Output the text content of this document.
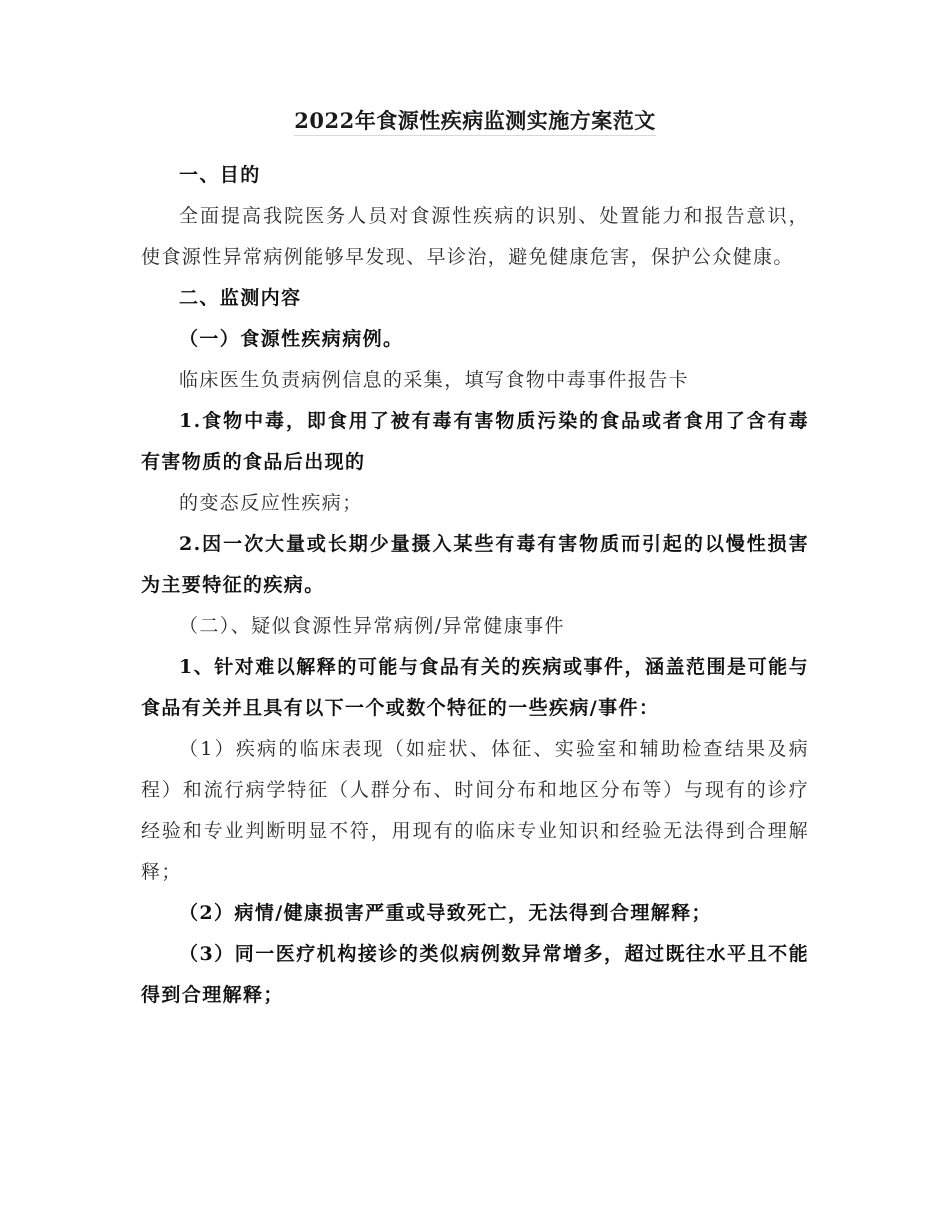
2022年食源性疾病监测实施方案范文

一、目的

全面提高我院医务人员对食源性疾病的识别、处置能力和报告意识，使食源性异常病例能够早发现、早诊治，避免健康危害，保护公众健康。

二、监测内容

（一）食源性疾病病例。

临床医生负责病例信息的采集，填写食物中毒事件报告卡

1.食物中毒，即食用了被有毒有害物质污染的食品或者食用了含有毒有害物质的食品后出现的

的变态反应性疾病；

2.因一次大量或长期少量摄入某些有毒有害物质而引起的以慢性损害为主要特征的疾病。

（二）、疑似食源性异常病例/异常健康事件

1、针对难以解释的可能与食品有关的疾病或事件，涵盖范围是可能与食品有关并且具有以下一个或数个特征的一些疾病/事件：

（1）疾病的临床表现（如症状、体征、实验室和辅助检查结果及病程）和流行病学特征（人群分布、时间分布和地区分布等）与现有的诊疗经验和专业判断明显不符，用现有的临床专业知识和经验无法得到合理解释；

（2）病情/健康损害严重或导致死亡，无法得到合理解释；

（3）同一医疗机构接诊的类似病例数异常增多，超过既往水平且不能得到合理解释；
